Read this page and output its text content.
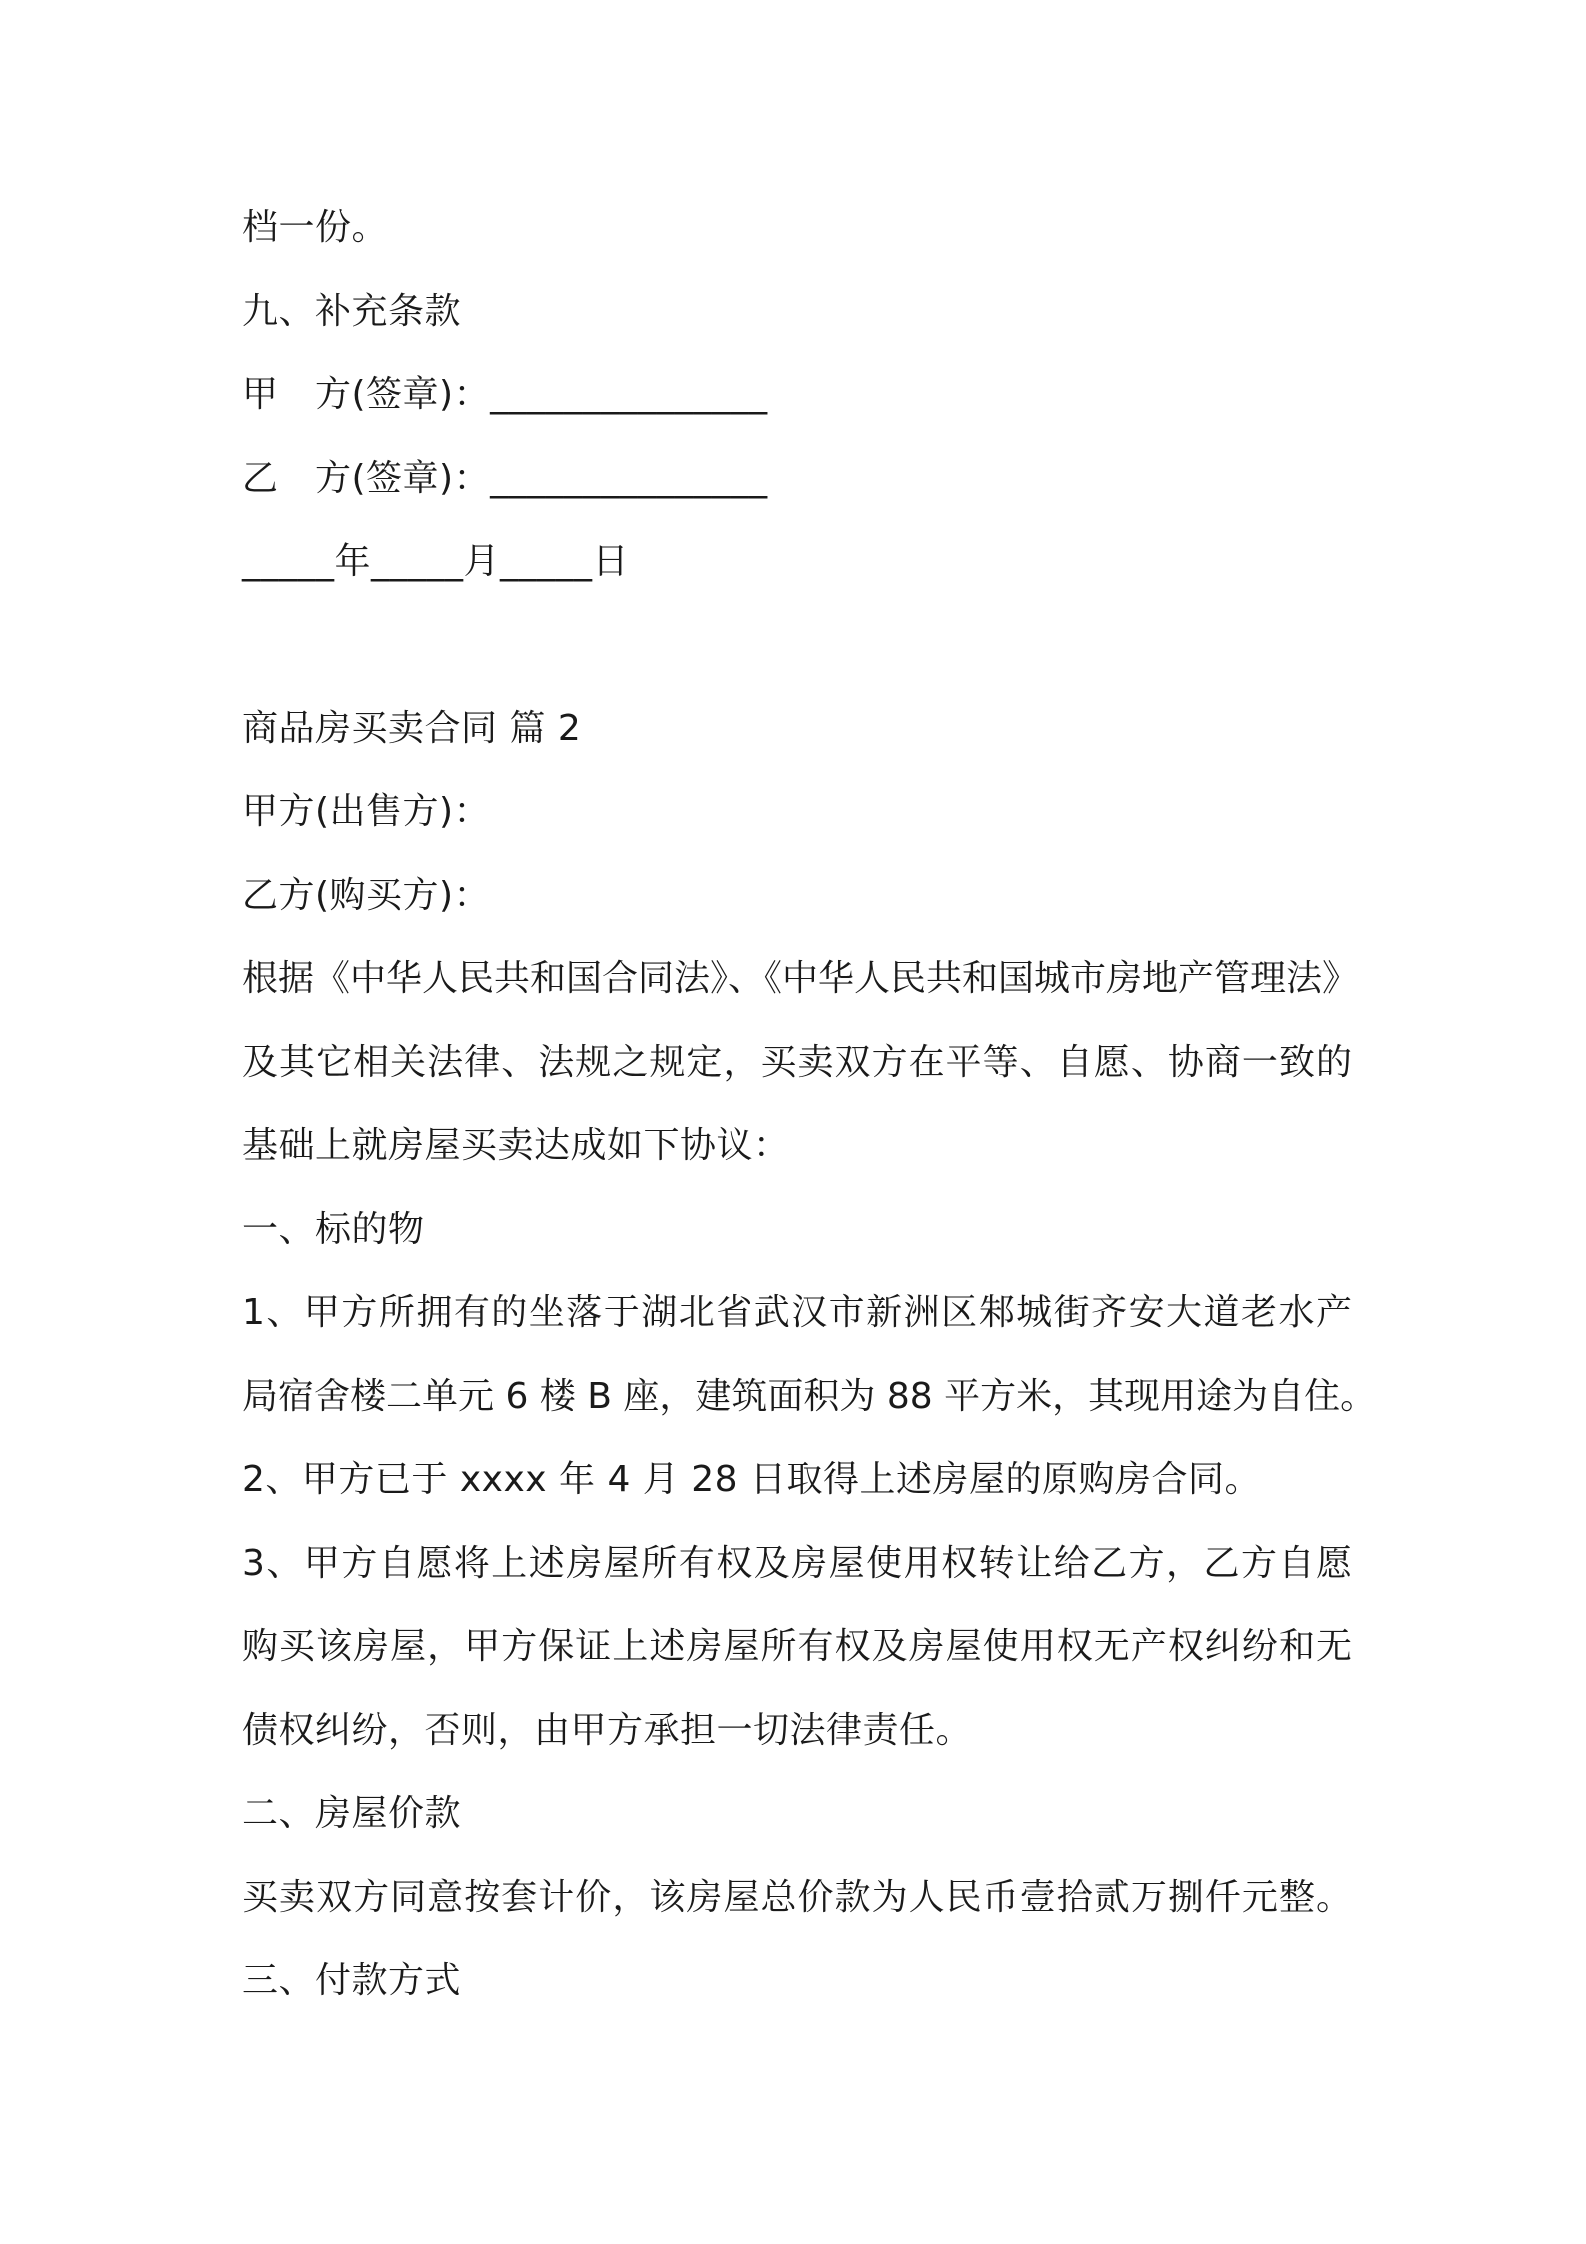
档一份。
九、补充条款
甲　方(签章)：_______________
乙　方(签章)：_______________
_____年_____月_____日
商品房买卖合同 篇 2
甲方(出售方)：
乙方(购买方)：
根据《中华人民共和国合同法》、《中华人民共和国城市房地产管理法》
及其它相关法律、法规之规定，买卖双方在平等、自愿、协商一致的
基础上就房屋买卖达成如下协议：
一、标的物
1、甲方所拥有的坐落于湖北省武汉市新洲区邾城街齐安大道老水产
局宿舍楼二单元 6 楼 B 座，建筑面积为 88 平方米，其现用途为自住。
2、甲方已于 xxxx 年 4 月 28 日取得上述房屋的原购房合同。
3、甲方自愿将上述房屋所有权及房屋使用权转让给乙方，乙方自愿
购买该房屋，甲方保证上述房屋所有权及房屋使用权无产权纠纷和无
债权纠纷，否则，由甲方承担一切法律责任。
二、房屋价款
买卖双方同意按套计价，该房屋总价款为人民币壹拾贰万捌仟元整。
三、付款方式
